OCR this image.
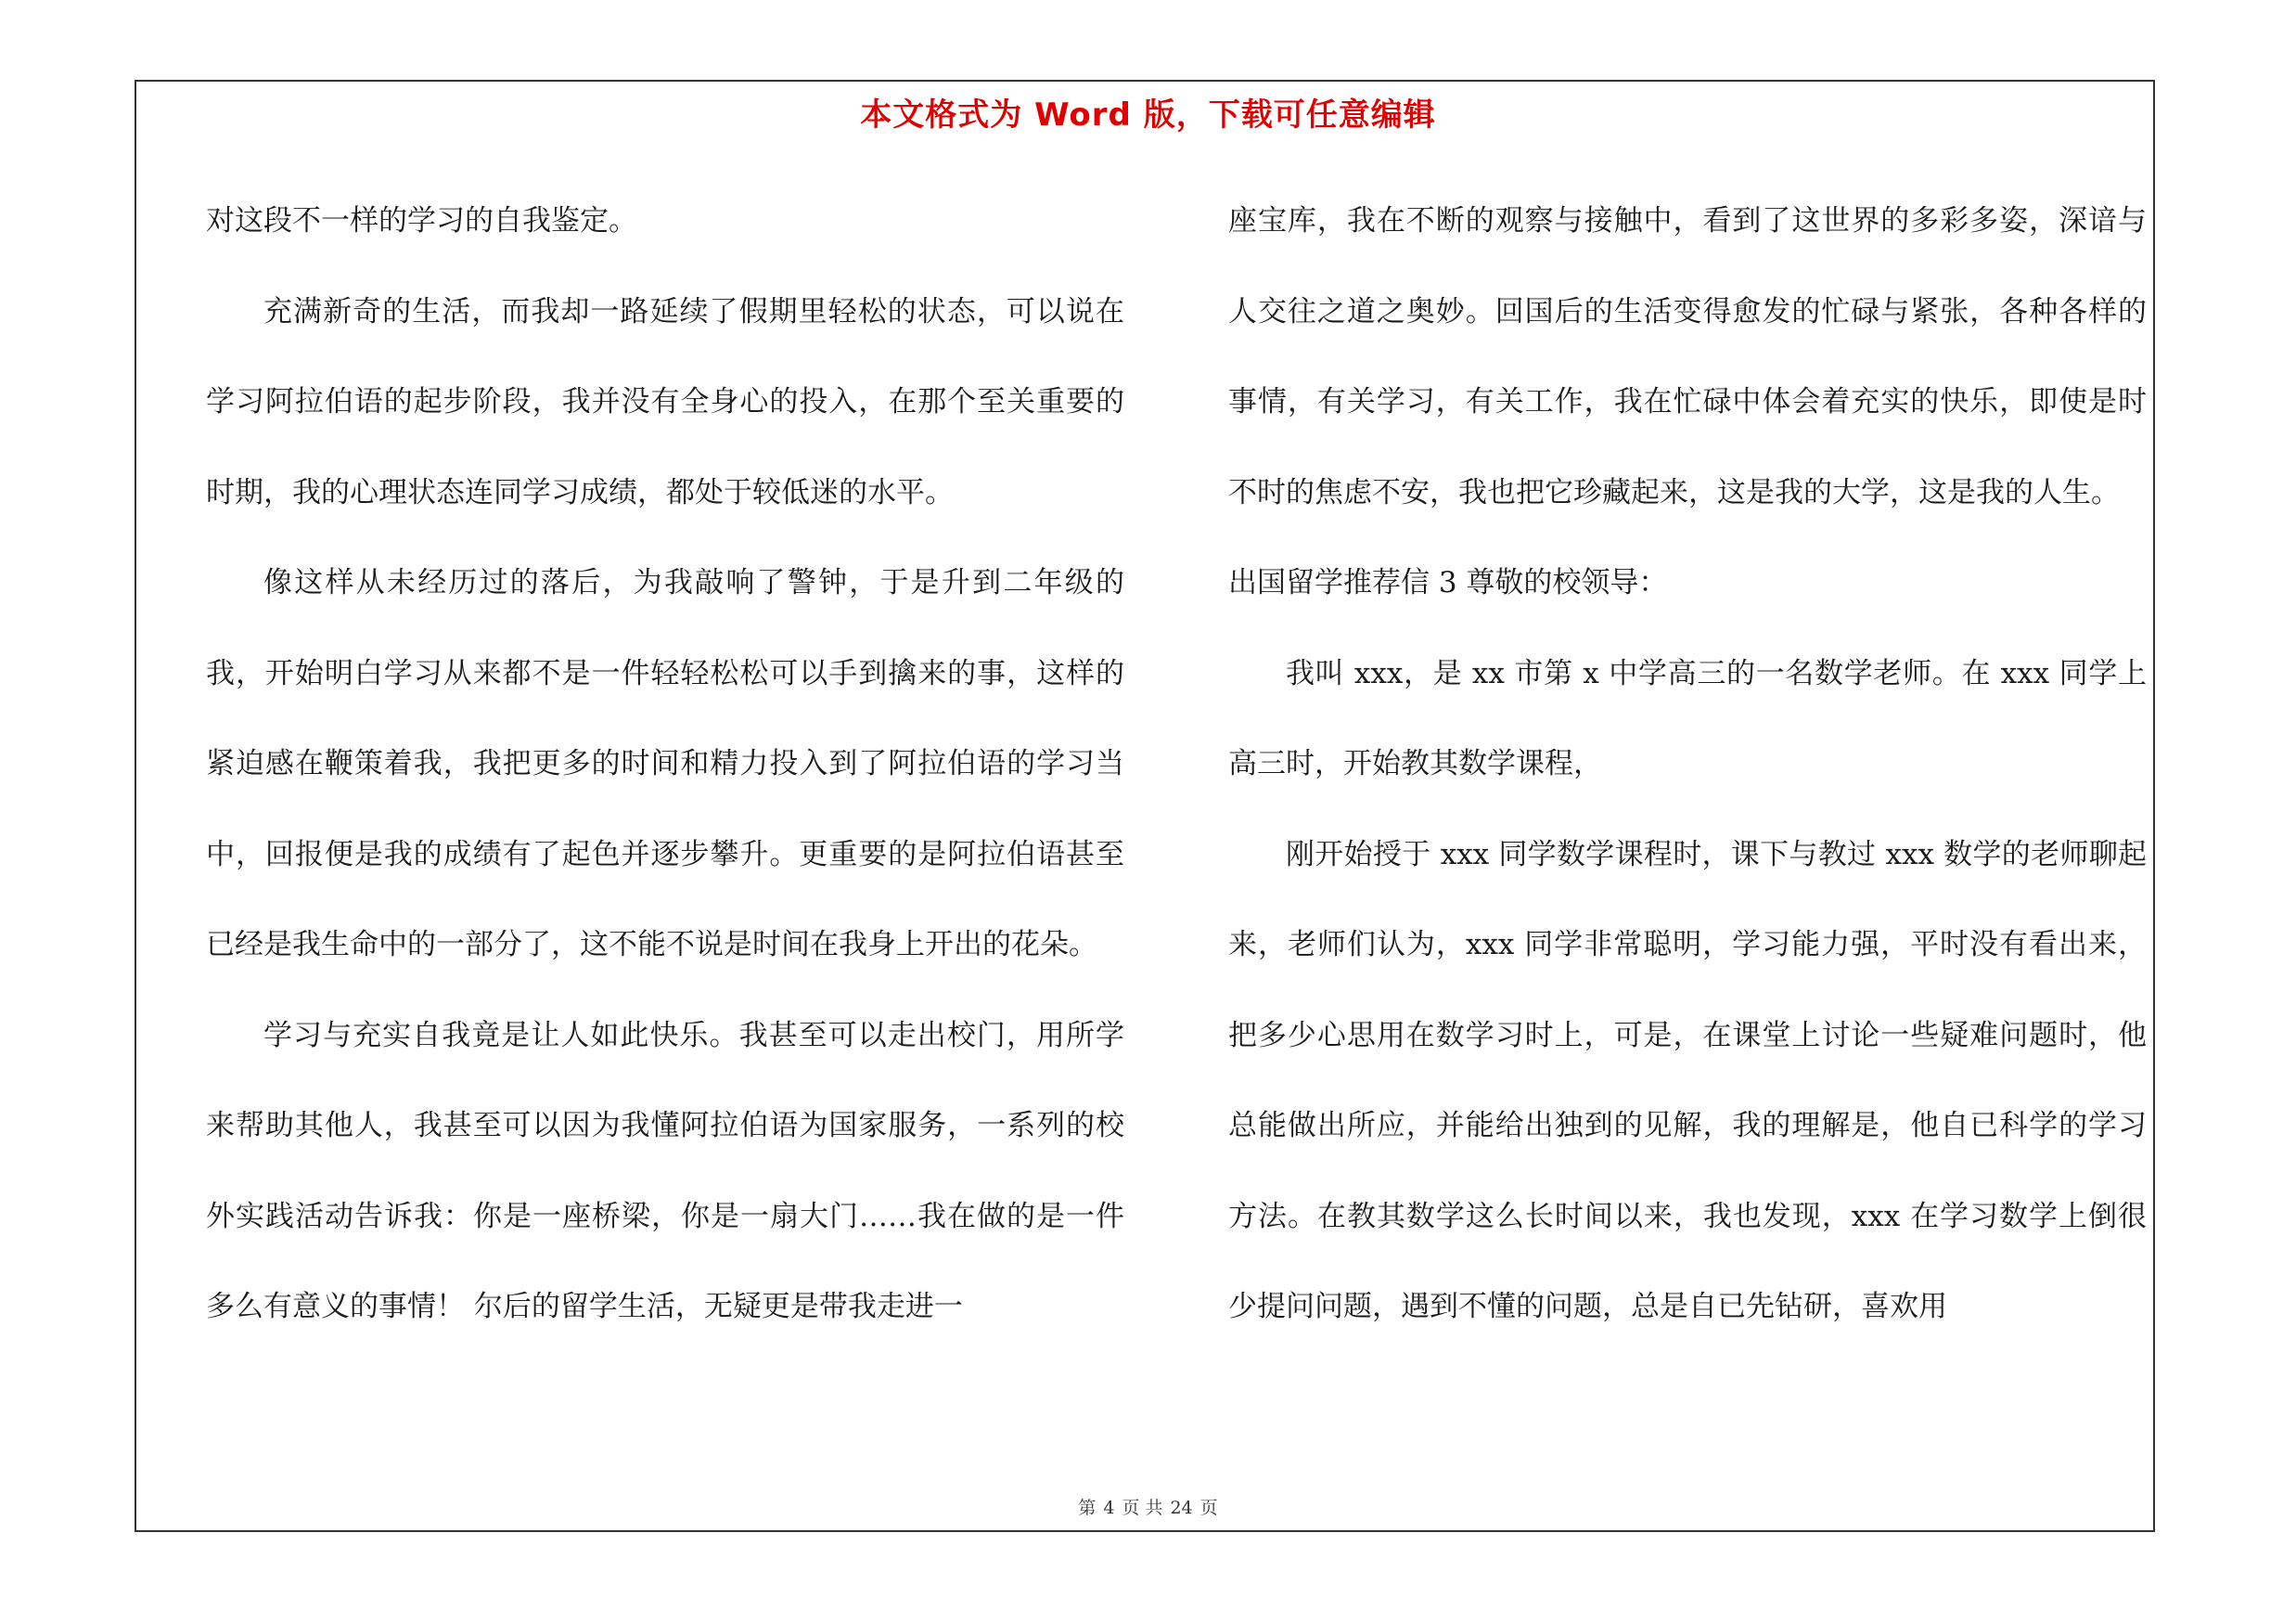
本文格式为 Word 版，下载可任意编辑

对这段不一样的学习的自我鉴定。

充满新奇的生活，而我却一路延续了假期里轻松的状态，可以说在学习阿拉伯语的起步阶段，我并没有全身心的投入，在那个至关重要的时期，我的心理状态连同学习成绩，都处于较低迷的水平。

像这样从未经历过的落后，为我敲响了警钟，于是升到二年级的我，开始明白学习从来都不是一件轻轻松松可以手到擒来的事，这样的紧迫感在鞭策着我，我把更多的时间和精力投入到了阿拉伯语的学习当中，回报便是我的成绩有了起色并逐步攀升。更重要的是阿拉伯语甚至已经是我生命中的一部分了，这不能不说是时间在我身上开出的花朵。

学习与充实自我竟是让人如此快乐。我甚至可以走出校门，用所学来帮助其他人，我甚至可以因为我懂阿拉伯语为国家服务，一系列的校外实践活动告诉我：你是一座桥梁，你是一扇大门……我在做的是一件多么有意义的事情！ 尔后的留学生活，无疑更是带我走进一

座宝库，我在不断的观察与接触中，看到了这世界的多彩多姿，深谙与人交往之道之奥妙。回国后的生活变得愈发的忙碌与紧张，各种各样的事情，有关学习，有关工作，我在忙碌中体会着充实的快乐，即使是时不时的焦虑不安，我也把它珍藏起来，这是我的大学，这是我的人生。

出国留学推荐信 3 尊敬的校领导：

我叫 xxx，是 xx 市第 x 中学高三的一名数学老师。在 xxx 同学上高三时，开始教其数学课程，

刚开始授于 xxx 同学数学课程时，课下与教过 xxx 数学的老师聊起来，老师们认为，xxx 同学非常聪明，学习能力强，平时没有看出来，把多少心思用在数学习时上，可是，在课堂上讨论一些疑难问题时，他总能做出所应，并能给出独到的见解，我的理解是，他自已科学的学习方法。在教其数学这么长时间以来，我也发现，xxx 在学习数学上倒很少提问问题，遇到不懂的问题，总是自已先钻研，喜欢用

第 4 页 共 24 页
